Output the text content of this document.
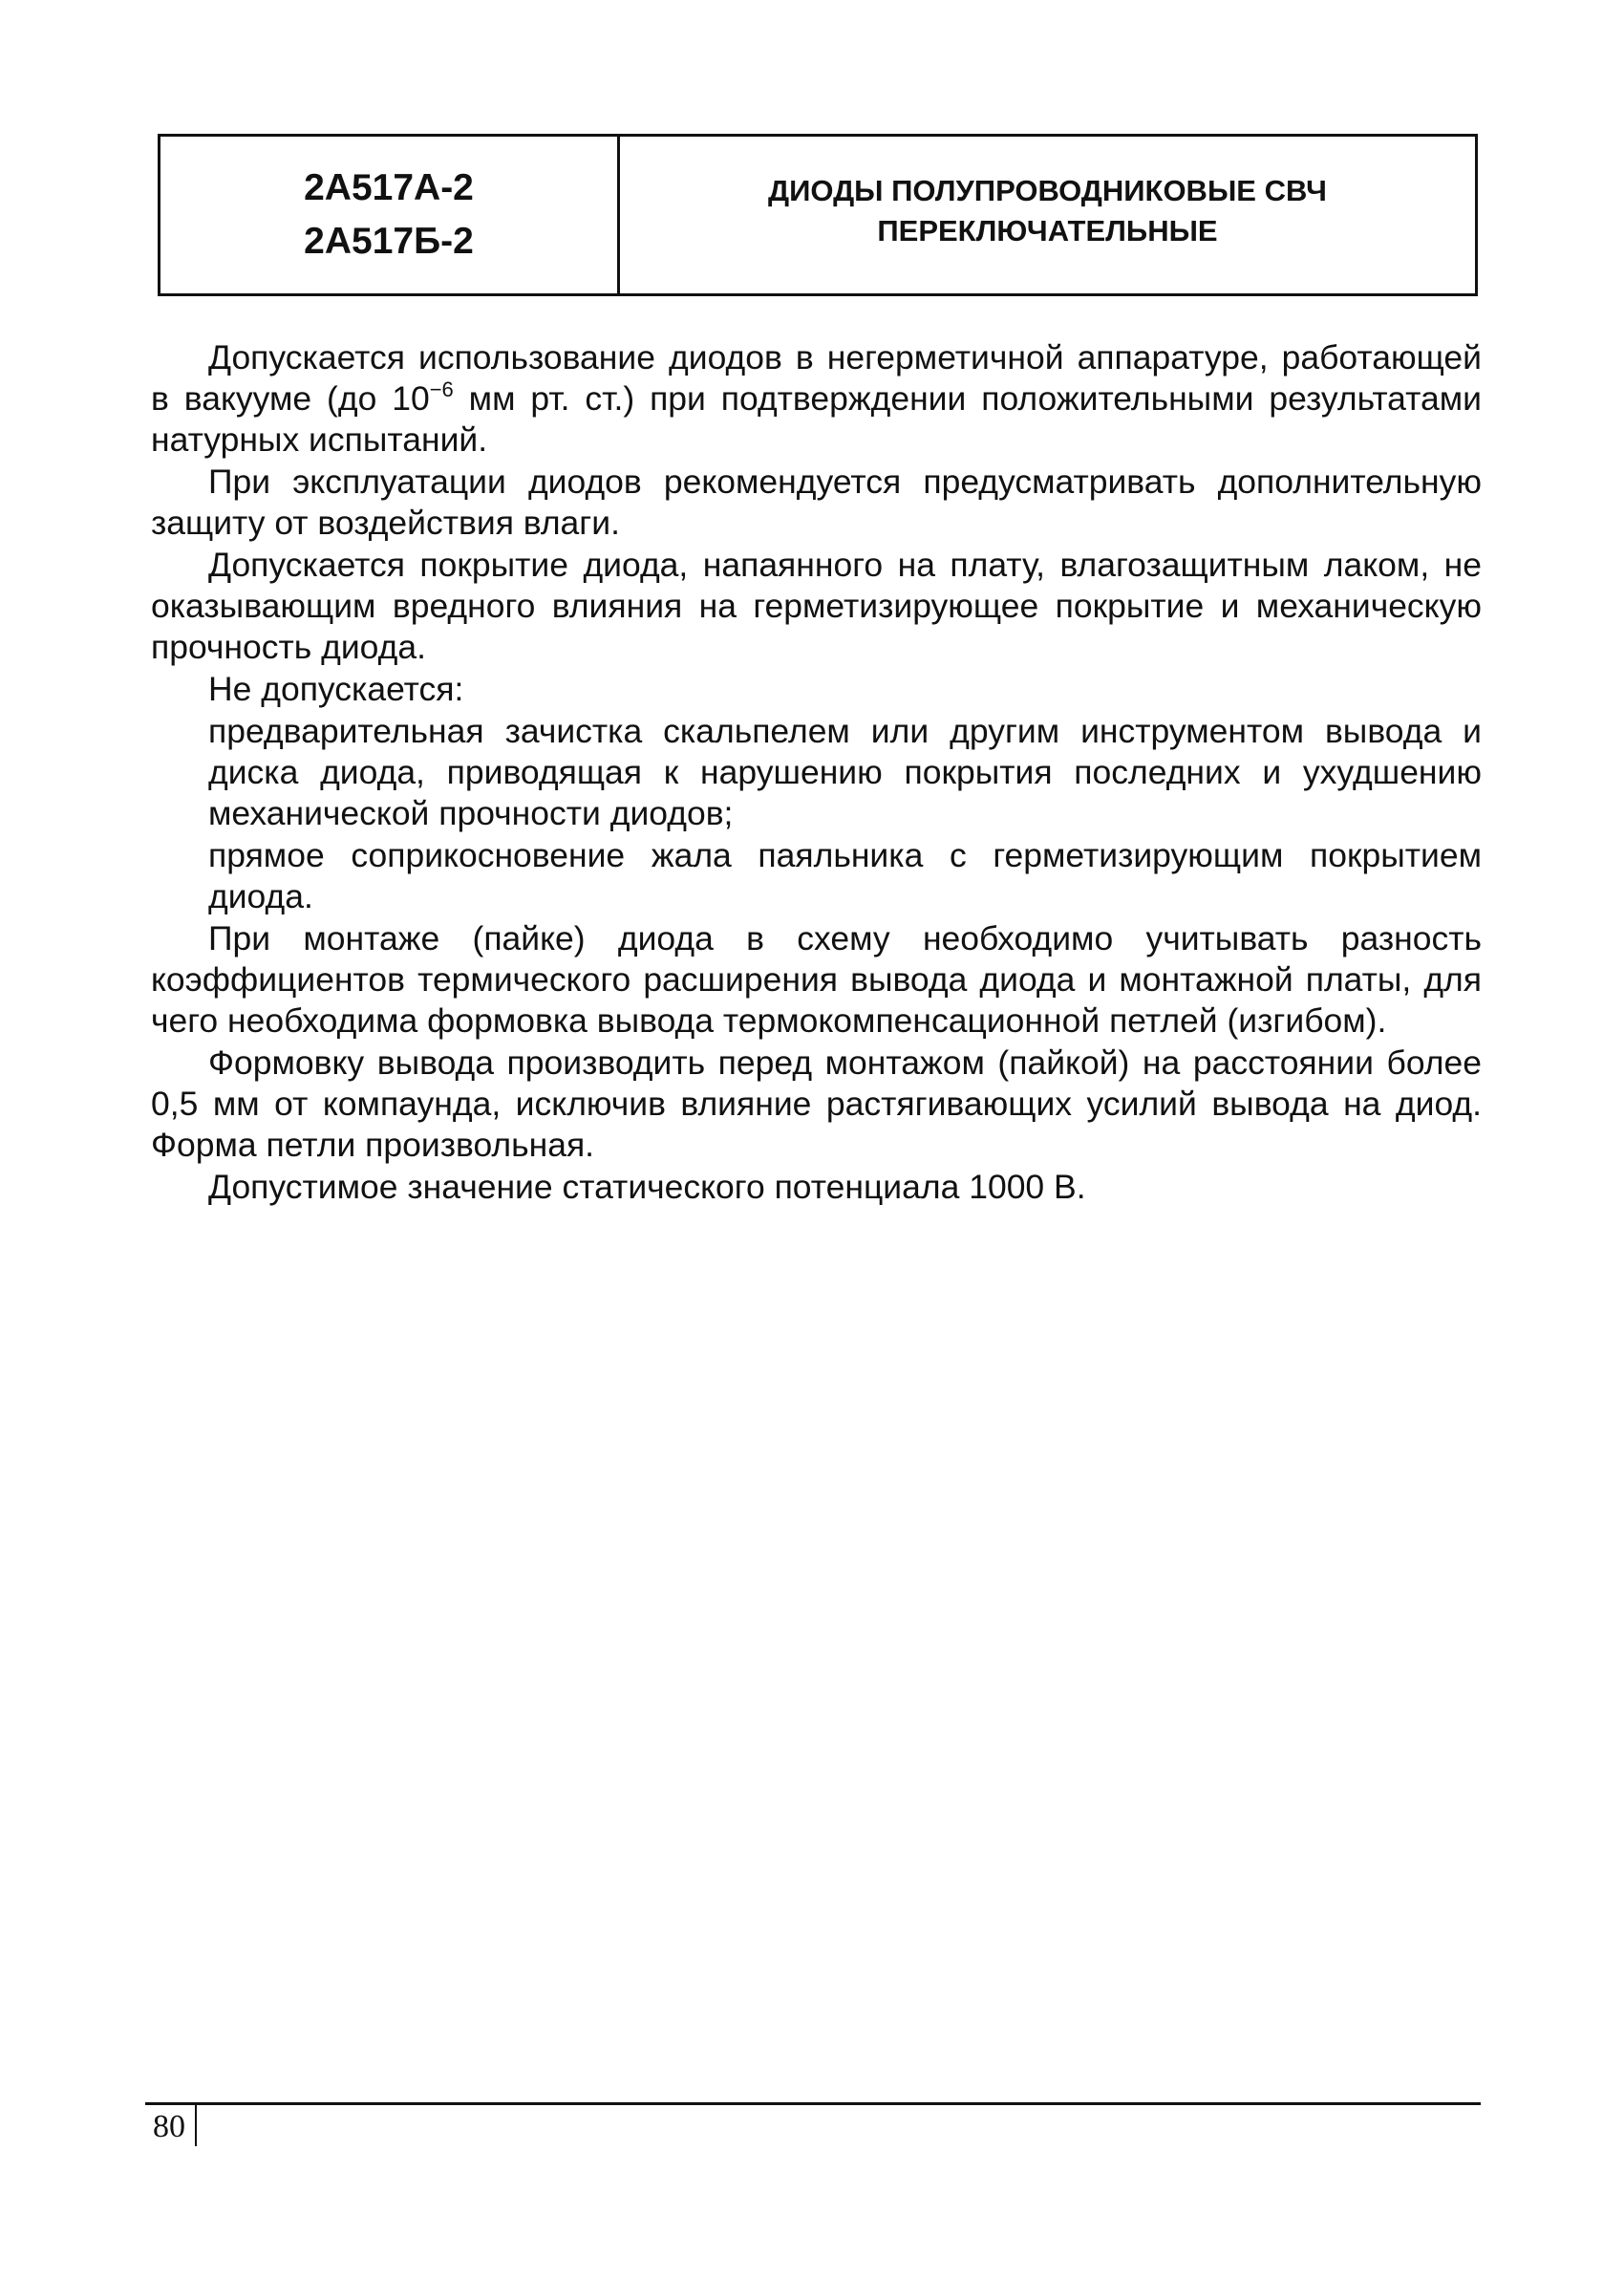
2А517А-2
2А517Б-2
ДИОДЫ ПОЛУПРОВОДНИКОВЫЕ СВЧ
ПЕРЕКЛЮЧАТЕЛЬНЫЕ

Допускается использование диодов в негерметичной аппаратуре, работающей в вакууме (до $10^{-6}$ мм рт. ст.) при подтверждении положительными результатами натурных испытаний.

При эксплуатации диодов рекомендуется предусматривать дополнительную защиту от воздействия влаги.

Допускается покрытие диода, напаянного на плату, влагозащитным лаком, не оказывающим вредного влияния на герметизирующее покрытие и механическую прочность диода.

Не допускается:

предварительная зачистка скальпелем или другим инструментом вывода и диска диода, приводящая к нарушению покрытия последних и ухудшению механической прочности диодов;

прямое соприкосновение жала паяльника с герметизирующим покрытием диода.

При монтаже (пайке) диода в схему необходимо учитывать разность коэффициентов термического расширения вывода диода и монтажной платы, для чего необходима формовка вывода термокомпенсационной петлей (изгибом).

Формовку вывода производить перед монтажом (пайкой) на расстоянии более 0,5 мм от компаунда, исключив влияние растягивающих усилий вывода на диод. Форма петли произвольная.

Допустимое значение статического потенциала 1000 В.

80
